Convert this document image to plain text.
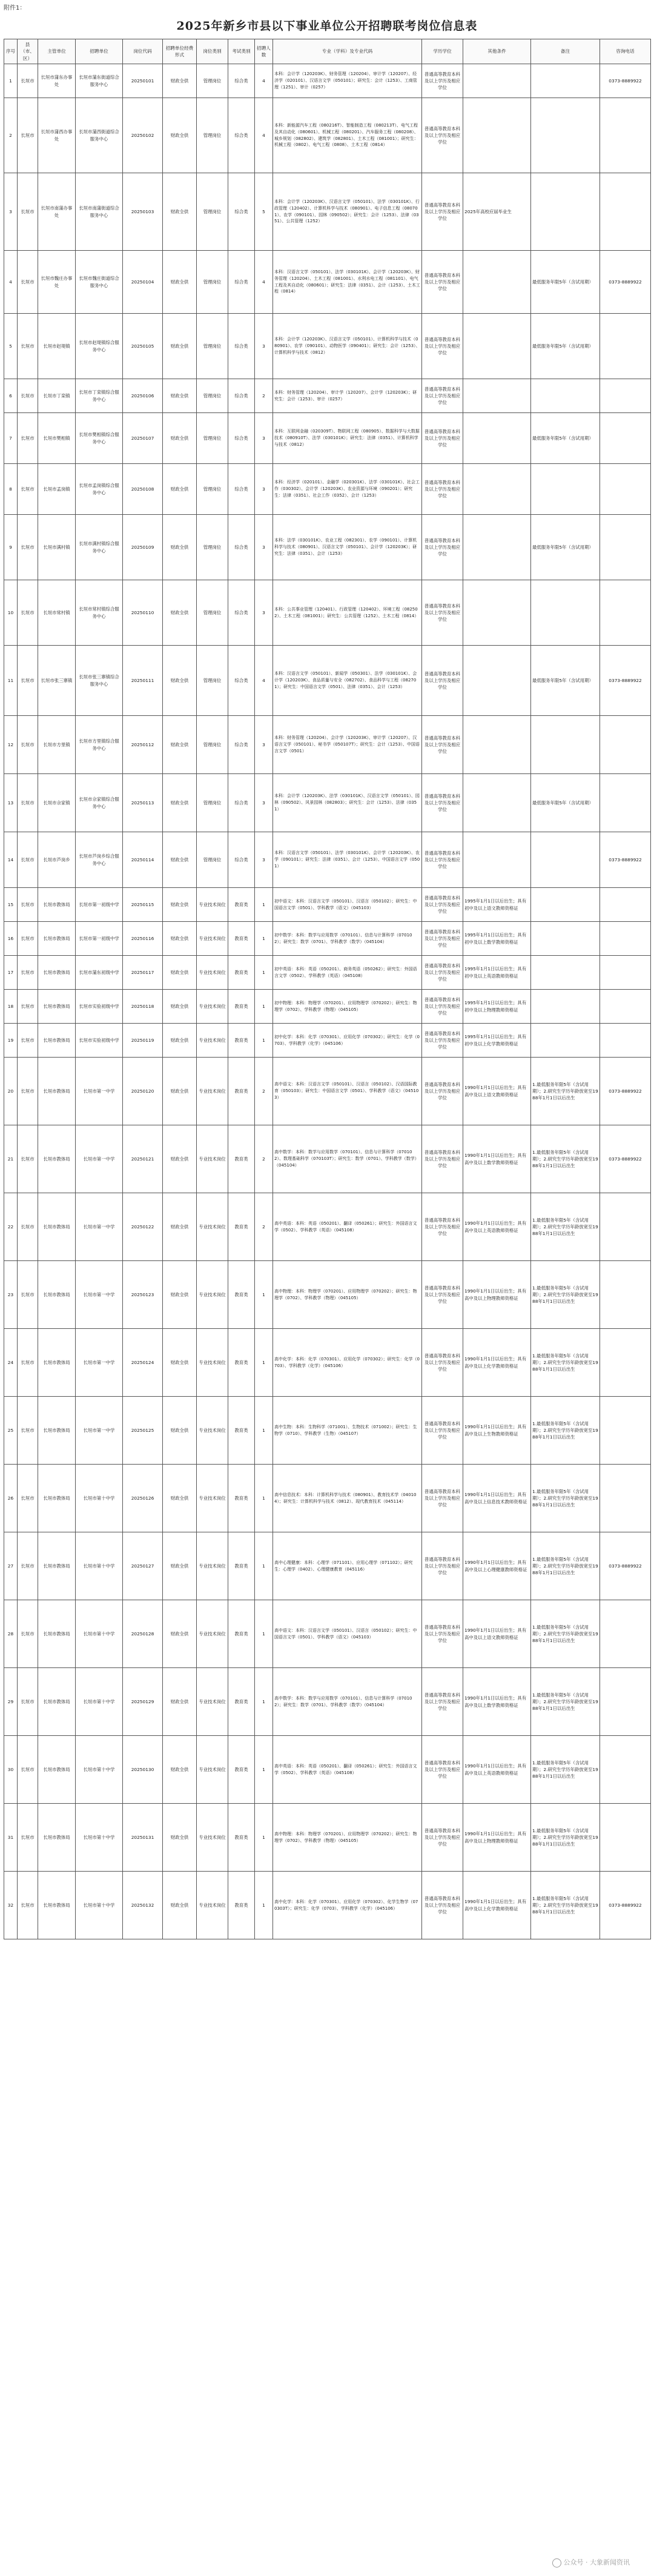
附件1：
2025年新乡市县以下事业单位公开招聘联考岗位信息表
序号	县（市、区）	主管单位	招聘单位	岗位代码	招聘单位经费形式	岗位类别	考试类别	招聘人数	专业（学科）及专业代码	学历学位	其他条件	备注	咨询电话
1	长垣市	长垣市蒲东办事处	长垣市蒲东街道综合服务中心	20250101	财政全供	管理岗位	综合类	4	本科：会计学（120203K）、财务管理（120204）、审计学（120207）、经济学（020101）、汉语言文学（050101）；研究生：会计（1253）、工商管理（1251）、审计（0257）	普通高等教育本科及以上学历及相应学位			0373-8889922
2	长垣市	长垣市蒲西办事处	长垣市蒲西街道综合服务中心	20250102	财政全供	管理岗位	综合类	4	本科：新能源汽车工程（080216T）、智能制造工程（080213T）、电气工程及其自动化（080601）、机械工程（080201）、汽车服务工程（080208）、城乡规划（082802）、建筑学（082801）、土木工程（081001）；研究生：机械工程（0802）、电气工程（0808）、土木工程（0814）	普通高等教育本科及以上学历及相应学位			
3	长垣市	长垣市南蒲办事处	长垣市南蒲街道综合服务中心	20250103	财政全供	管理岗位	综合类	5	本科：会计学（120203K）、汉语言文学（050101）、法学（030101K）、行政管理（120402）、计算机科学与技术（080901）、电子信息工程（080701）、农学（090101）、园林（090502）；研究生：会计（1253）、法律（0351）、公共管理（1252）	普通高等教育本科及以上学历及相应学位	2025年高校应届毕业生		
4	长垣市	长垣市魏庄办事处	长垣市魏庄街道综合服务中心	20250104	财政全供	管理岗位	综合类	4	本科：汉语言文学（050101）、法学（030101K）、会计学（120203K）、财务管理（120204）、土木工程（081001）、水利水电工程（081101）、电气工程及其自动化（080601）；研究生：法律（0351）、会计（1253）、土木工程（0814）	普通高等教育本科及以上学历及相应学位		最低服务年限5年（含试用期）	0373-8889922
5	长垣市	长垣市赵堤镇	长垣市赵堤镇综合服务中心	20250105	财政全供	管理岗位	综合类	3	本科：会计学（120203K）、汉语言文学（050101）、计算机科学与技术（080901）、农学（090101）、动物医学（090401）；研究生：会计（1253）、计算机科学与技术（0812）	普通高等教育本科及以上学历及相应学位		最低服务年限5年（含试用期）	
6	长垣市	长垣市丁栾镇	长垣市丁栾镇综合服务中心	20250106	财政全供	管理岗位	综合类	2	本科：财务管理（120204）、审计学（120207）、会计学（120203K）；研究生：会计（1253）、审计（0257）	普通高等教育本科及以上学历及相应学位			
7	长垣市	长垣市樊相镇	长垣市樊相镇综合服务中心	20250107	财政全供	管理岗位	综合类	3	本科：互联网金融（020309T）、物联网工程（080905）、数据科学与大数据技术（080910T）、法学（030101K）；研究生：法律（0351）、计算机科学与技术（0812）	普通高等教育本科及以上学历及相应学位		最低服务年限5年（含试用期）	
8	长垣市	长垣市孟岗镇	长垣市孟岗镇综合服务中心	20250108	财政全供	管理岗位	综合类	3	本科：经济学（020101）、金融学（020301K）、法学（030101K）、社会工作（030302）、会计学（120203K）、农业资源与环境（090201）；研究生：法律（0351）、社会工作（0352）、会计（1253）	普通高等教育本科及以上学历及相应学位			
9	长垣市	长垣市满村镇	长垣市满村镇综合服务中心	20250109	财政全供	管理岗位	综合类	3	本科：法学（030101K）、农业工程（082301）、农学（090101）、计算机科学与技术（080901）、汉语言文学（050101）、会计学（120203K）；研究生：法律（0351）、会计（1253）	普通高等教育本科及以上学历及相应学位		最低服务年限5年（含试用期）	
10	长垣市	长垣市常村镇	长垣市常村镇综合服务中心	20250110	财政全供	管理岗位	综合类	3	本科：公共事业管理（120401）、行政管理（120402）、环境工程（082502）、土木工程（081001）；研究生：公共管理（1252）、土木工程（0814）	普通高等教育本科及以上学历及相应学位			
11	长垣市	长垣市张三寨镇	长垣市张三寨镇综合服务中心	20250111	财政全供	管理岗位	综合类	4	本科：汉语言文学（050101）、新闻学（050301）、法学（030101K）、会计学（120203K）、食品质量与安全（082702）、食品科学与工程（082701）；研究生：中国语言文学（0501）、法律（0351）、会计（1253）	普通高等教育本科及以上学历及相应学位		最低服务年限5年（含试用期）	0373-8889922
12	长垣市	长垣市方里镇	长垣市方里镇综合服务中心	20250112	财政全供	管理岗位	综合类	3	本科：财务管理（120204）、会计学（120203K）、审计学（120207）、汉语言文学（050101）、秘书学（050107T）；研究生：会计（1253）、中国语言文学（0501）	普通高等教育本科及以上学历及相应学位			
13	长垣市	长垣市佘家镇	长垣市佘家镇综合服务中心	20250113	财政全供	管理岗位	综合类	3	本科：会计学（120203K）、法学（030101K）、汉语言文学（050101）、园林（090502）、风景园林（082803）；研究生：会计（1253）、法律（0351）	普通高等教育本科及以上学历及相应学位		最低服务年限5年（含试用期）	
14	长垣市	长垣市芦岗乡	长垣市芦岗乡综合服务中心	20250114	财政全供	管理岗位	综合类	3	本科：汉语言文学（050101）、法学（030101K）、会计学（120203K）、农学（090101）；研究生：法律（0351）、会计（1253）、中国语言文学（0501）	普通高等教育本科及以上学历及相应学位			0373-8889922
15	长垣市	长垣市教体局	长垣市第一初级中学	20250115	财政全供	专业技术岗位	教育类	1	初中语文：本科：汉语言文学（050101）、汉语言（050102）；研究生：中国语言文学（0501）、学科教学（语文）（045103）	普通高等教育本科及以上学历及相应学位	1995年1月1日以后出生；具有初中及以上语文教师资格证		
16	长垣市	长垣市教体局	长垣市第一初级中学	20250116	财政全供	专业技术岗位	教育类	1	初中数学：本科：数学与应用数学（070101）、信息与计算科学（070102）；研究生：数学（0701）、学科教学（数学）（045104）	普通高等教育本科及以上学历及相应学位	1995年1月1日以后出生；具有初中及以上数学教师资格证		
17	长垣市	长垣市教体局	长垣市蒲东初级中学	20250117	财政全供	专业技术岗位	教育类	1	初中英语：本科：英语（050201）、商务英语（050262）；研究生：外国语言文学（0502）、学科教学（英语）（045108）	普通高等教育本科及以上学历及相应学位	1995年1月1日以后出生；具有初中及以上英语教师资格证		
18	长垣市	长垣市教体局	长垣市实验初级中学	20250118	财政全供	专业技术岗位	教育类	1	初中物理：本科：物理学（070201）、应用物理学（070202）；研究生：物理学（0702）、学科教学（物理）（045105）	普通高等教育本科及以上学历及相应学位	1995年1月1日以后出生；具有初中及以上物理教师资格证		
19	长垣市	长垣市教体局	长垣市实验初级中学	20250119	财政全供	专业技术岗位	教育类	1	初中化学：本科：化学（070301）、应用化学（070302）；研究生：化学（0703）、学科教学（化学）（045106）	普通高等教育本科及以上学历及相应学位	1995年1月1日以后出生；具有初中及以上化学教师资格证		
20	长垣市	长垣市教体局	长垣市第一中学	20250120	财政全供	专业技术岗位	教育类	2	高中语文：本科：汉语言文学（050101）、汉语言（050102）、汉语国际教育（050103）；研究生：中国语言文学（0501）、学科教学（语文）（045103）	普通高等教育本科及以上学历及相应学位	1990年1月1日以后出生；具有高中及以上语文教师资格证	1.最低服务年限5年（含试用期）；2.研究生学历年龄放宽至1988年1月1日以后出生	0373-8889922
21	长垣市	长垣市教体局	长垣市第一中学	20250121	财政全供	专业技术岗位	教育类	2	高中数学：本科：数学与应用数学（070101）、信息与计算科学（070102）、数理基础科学（070103T）；研究生：数学（0701）、学科教学（数学）（045104）	普通高等教育本科及以上学历及相应学位	1990年1月1日以后出生；具有高中及以上数学教师资格证	1.最低服务年限5年（含试用期）；2.研究生学历年龄放宽至1988年1月1日以后出生	0373-8889922
22	长垣市	长垣市教体局	长垣市第一中学	20250122	财政全供	专业技术岗位	教育类	2	高中英语：本科：英语（050201）、翻译（050261）；研究生：外国语言文学（0502）、学科教学（英语）（045108）	普通高等教育本科及以上学历及相应学位	1990年1月1日以后出生；具有高中及以上英语教师资格证	1.最低服务年限5年（含试用期）；2.研究生学历年龄放宽至1988年1月1日以后出生	
23	长垣市	长垣市教体局	长垣市第一中学	20250123	财政全供	专业技术岗位	教育类	1	高中物理：本科：物理学（070201）、应用物理学（070202）；研究生：物理学（0702）、学科教学（物理）（045105）	普通高等教育本科及以上学历及相应学位	1990年1月1日以后出生；具有高中及以上物理教师资格证	1.最低服务年限5年（含试用期）；2.研究生学历年龄放宽至1988年1月1日以后出生	
24	长垣市	长垣市教体局	长垣市第一中学	20250124	财政全供	专业技术岗位	教育类	1	高中化学：本科：化学（070301）、应用化学（070302）；研究生：化学（0703）、学科教学（化学）（045106）	普通高等教育本科及以上学历及相应学位	1990年1月1日以后出生；具有高中及以上化学教师资格证	1.最低服务年限5年（含试用期）；2.研究生学历年龄放宽至1988年1月1日以后出生	
25	长垣市	长垣市教体局	长垣市第一中学	20250125	财政全供	专业技术岗位	教育类	1	高中生物：本科：生物科学（071001）、生物技术（071002）；研究生：生物学（0710）、学科教学（生物）（045107）	普通高等教育本科及以上学历及相应学位	1990年1月1日以后出生；具有高中及以上生物教师资格证	1.最低服务年限5年（含试用期）；2.研究生学历年龄放宽至1988年1月1日以后出生	
26	长垣市	长垣市教体局	长垣市第十中学	20250126	财政全供	专业技术岗位	教育类	1	高中信息技术：本科：计算机科学与技术（080901）、教育技术学（040104）；研究生：计算机科学与技术（0812）、现代教育技术（045114）	普通高等教育本科及以上学历及相应学位	1990年1月1日以后出生；具有高中及以上信息技术教师资格证	1.最低服务年限5年（含试用期）；2.研究生学历年龄放宽至1988年1月1日以后出生	
27	长垣市	长垣市教体局	长垣市第十中学	20250127	财政全供	专业技术岗位	教育类	1	高中心理健康：本科：心理学（071101）、应用心理学（071102）；研究生：心理学（0402）、心理健康教育（045116）	普通高等教育本科及以上学历及相应学位	1990年1月1日以后出生；具有高中及以上心理健康教师资格证	1.最低服务年限5年（含试用期）；2.研究生学历年龄放宽至1988年1月1日以后出生	0373-8889922
28	长垣市	长垣市教体局	长垣市第十中学	20250128	财政全供	专业技术岗位	教育类	1	高中语文：本科：汉语言文学（050101）、汉语言（050102）；研究生：中国语言文学（0501）、学科教学（语文）（045103）	普通高等教育本科及以上学历及相应学位	1990年1月1日以后出生；具有高中及以上语文教师资格证	1.最低服务年限5年（含试用期）；2.研究生学历年龄放宽至1988年1月1日以后出生	
29	长垣市	长垣市教体局	长垣市第十中学	20250129	财政全供	专业技术岗位	教育类	1	高中数学：本科：数学与应用数学（070101）、信息与计算科学（070102）；研究生：数学（0701）、学科教学（数学）（045104）	普通高等教育本科及以上学历及相应学位	1990年1月1日以后出生；具有高中及以上数学教师资格证	1.最低服务年限5年（含试用期）；2.研究生学历年龄放宽至1988年1月1日以后出生	
30	长垣市	长垣市教体局	长垣市第十中学	20250130	财政全供	专业技术岗位	教育类	1	高中英语：本科：英语（050201）、翻译（050261）；研究生：外国语言文学（0502）、学科教学（英语）（045108）	普通高等教育本科及以上学历及相应学位	1990年1月1日以后出生；具有高中及以上英语教师资格证	1.最低服务年限5年（含试用期）；2.研究生学历年龄放宽至1988年1月1日以后出生	
31	长垣市	长垣市教体局	长垣市第十中学	20250131	财政全供	专业技术岗位	教育类	1	高中物理：本科：物理学（070201）、应用物理学（070202）；研究生：物理学（0702）、学科教学（物理）（045105）	普通高等教育本科及以上学历及相应学位	1990年1月1日以后出生；具有高中及以上物理教师资格证	1.最低服务年限5年（含试用期）；2.研究生学历年龄放宽至1988年1月1日以后出生	
32	长垣市	长垣市教体局	长垣市第十中学	20250132	财政全供	专业技术岗位	教育类	1	高中化学：本科：化学（070301）、应用化学（070302）、化学生物学（070303T）；研究生：化学（0703）、学科教学（化学）（045106）	普通高等教育本科及以上学历及相应学位	1990年1月1日以后出生；具有高中及以上化学教师资格证	1.最低服务年限5年（含试用期）；2.研究生学历年龄放宽至1988年1月1日以后出生	0373-8889922
公众号 · 大象新闻资讯
